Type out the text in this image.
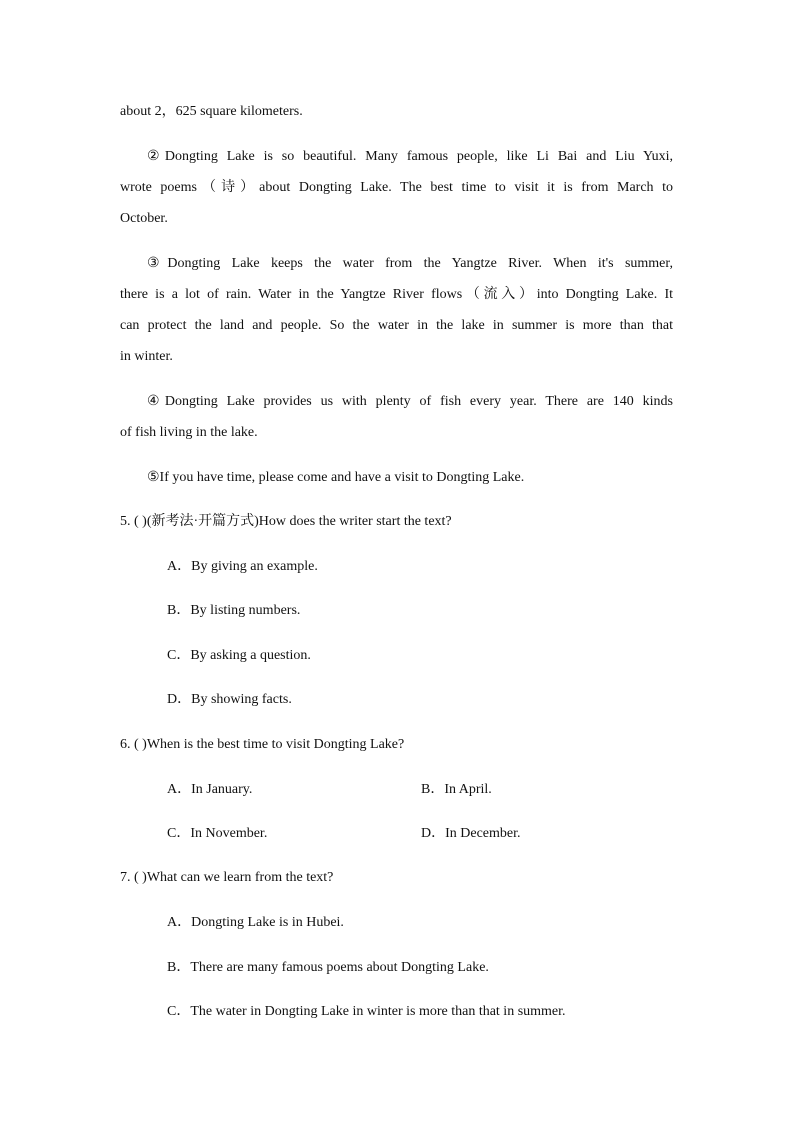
about 2，625 square kilometers.
②Dongting Lake is so beautiful. Many famous people, like Li Bai and Liu Yuxi,
wrote poems（诗）about Dongting Lake. The best time to visit it is from March to
October.
③Dongting Lake keeps the water from the Yangtze River. When it's summer,
there is a lot of rain. Water in the Yangtze River flows（流入）into Dongting Lake. It
can protect the land and people. So the water in the lake in summer is more than that
in winter.
④Dongting Lake provides us with plenty of fish every year. There are 140 kinds
of fish living in the lake.
⑤If you have time, please come and have a visit to Dongting Lake.
5. ( )(新考法·开篇方式)How does the writer start the text?
A．By giving an example.
B．By listing numbers.
C．By asking a question.
D．By showing facts.
6. ( )When is the best time to visit Dongting Lake?
A．In January.	B．In April.
C．In November.	D．In December.
7. ( )What can we learn from the text?
A．Dongting Lake is in Hubei.
B．There are many famous poems about Dongting Lake.
C．The water in Dongting Lake in winter is more than that in summer.
